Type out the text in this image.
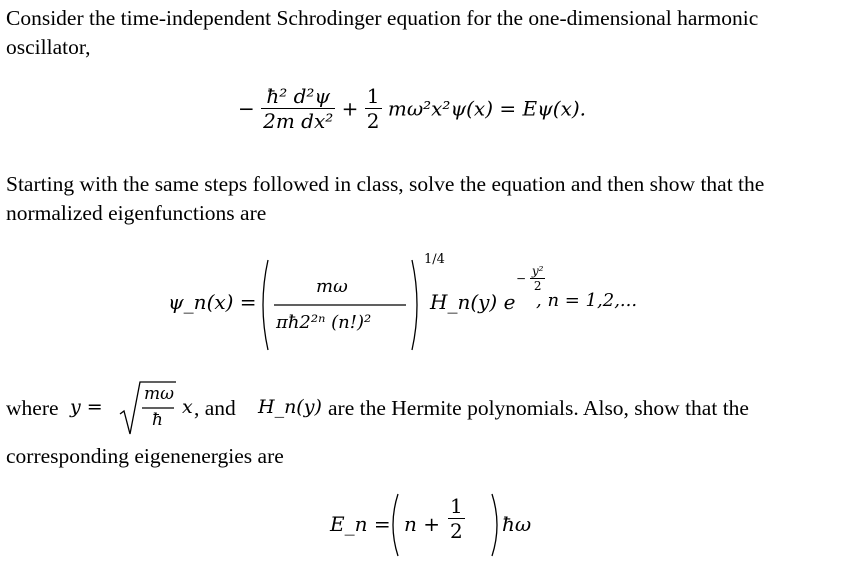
Consider the time-independent Schrodinger equation for the one-dimensional harmonic
oscillator,
− $\frac{\text{ħ² d²ψ}}{\text{2m dx²}} + \frac{1}{2} m\omega^2x^2\psi(x) = E\psi(x)$.
Starting with the same steps followed in class, solve the equation and then show that the
normalized eigenfunctions are
ψ_n(x) =
mω
πħ2²ⁿ (n!)²
1/4
H_n(y) e
− $\frac{\text{y²}}{2}$
, n = 1,2,...
where y =
mω
ħ
x , and H_n(y) are the Hermite polynomials. Also, show that the
corresponding eigenenergies are
E_n = n +
1
2 ħω
